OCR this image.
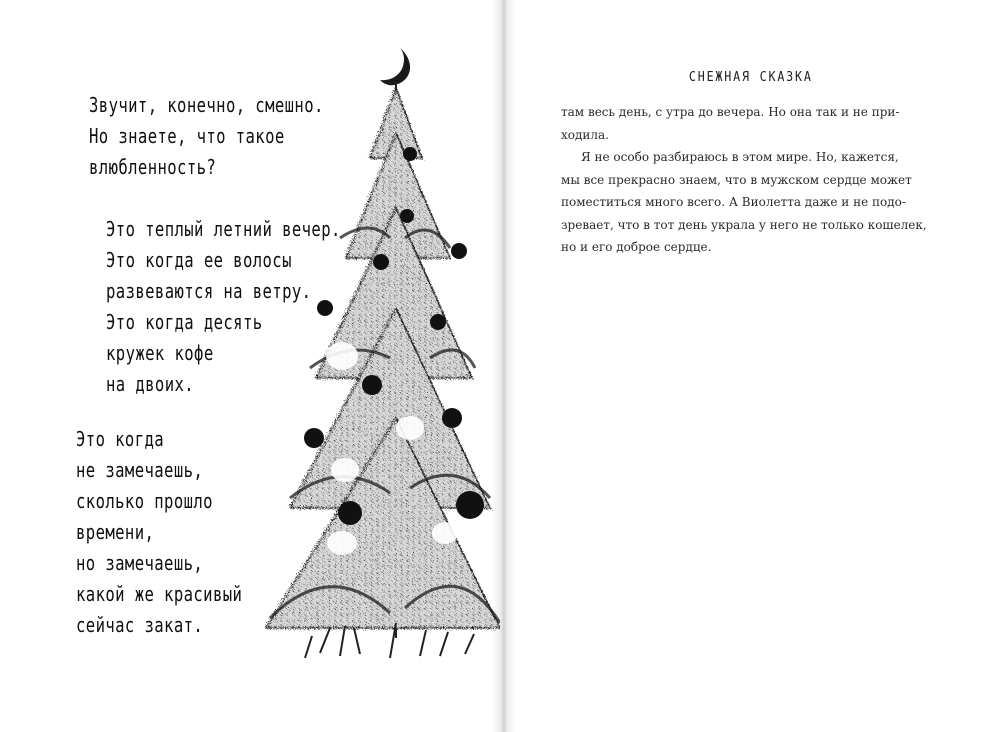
Звучит, конечно, смешно.
Но знаете, что такое
влюбленность?
Это теплый летний вечер.
Это когда ее волосы
развеваются на ветру.
Это когда десять
кружек кофе
на двоих.
Это когда
не замечаешь,
сколько прошло
времени,
но замечаешь,
какой же красивый
сейчас закат.
СНЕЖНАЯ СКАЗКА
там весь день, с утра до вечера. Но она так и не при-
ходила.
Я не особо разбираюсь в этом мире. Но, кажется,
мы все прекрасно знаем, что в мужском сердце может
поместиться много всего. А Виолетта даже и не подо-
зревает, что в тот день украла у него не только кошелек,
но и его доброе сердце.
